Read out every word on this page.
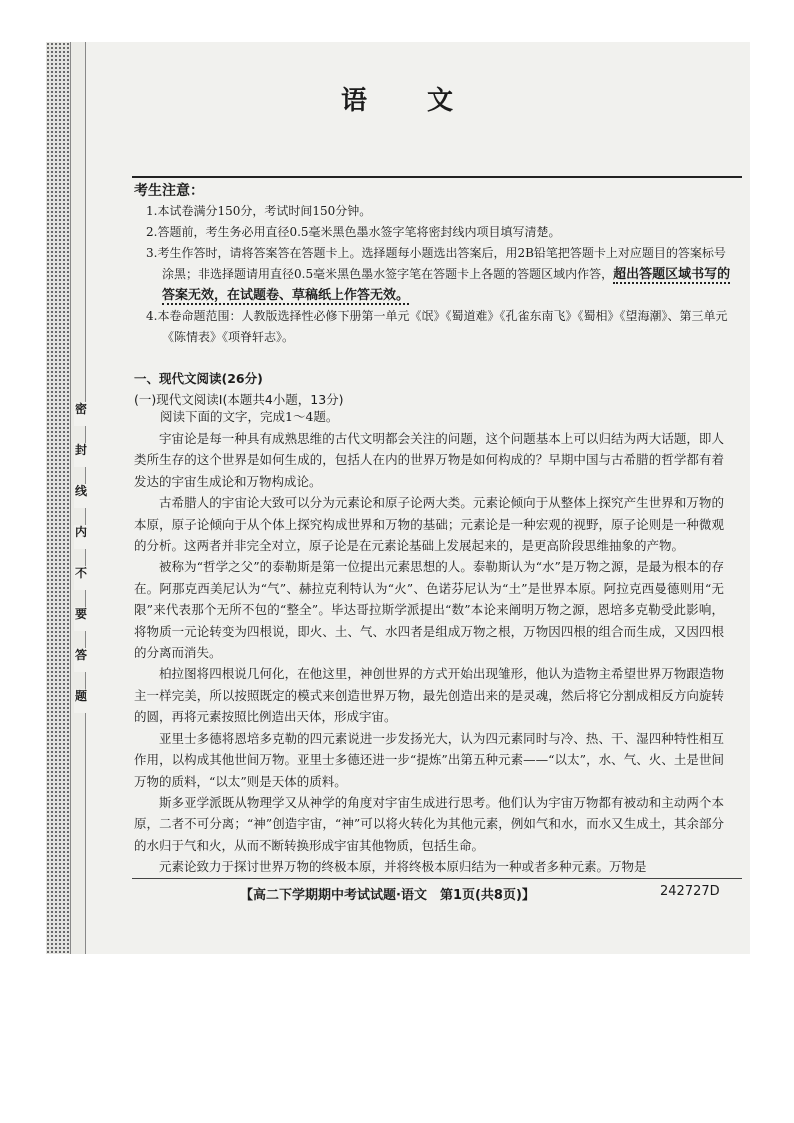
密
封
线
内
不
要
答
题
语文
考生注意：
1.本试卷满分150分，考试时间150分钟。
2.答题前，考生务必用直径0.5毫米黑色墨水签字笔将密封线内项目填写清楚。
3.考生作答时，请将答案答在答题卡上。选择题每小题选出答案后，用2B铅笔把答题卡上对应题目的答案标号涂黑；非选择题请用直径0.5毫米黑色墨水签字笔在答题卡上各题的答题区域内作答，超出答题区域书写的答案无效，在试题卷、草稿纸上作答无效。
4.本卷命题范围：人教版选择性必修下册第一单元《氓》《蜀道难》《孔雀东南飞》《蜀相》《望海潮》、第三单元《陈情表》《项脊轩志》。
一、现代文阅读(26分)
(一)现代文阅读Ⅰ(本题共4小题，13分)
阅读下面的文字，完成1～4题。

宇宙论是每一种具有成熟思维的古代文明都会关注的问题，这个问题基本上可以归结为两大话题，即人类所生存的这个世界是如何生成的，包括人在内的世界万物是如何构成的？早期中国与古希腊的哲学都有着发达的宇宙生成论和万物构成论。

古希腊人的宇宙论大致可以分为元素论和原子论两大类。元素论倾向于从整体上探究产生世界和万物的本原，原子论倾向于从个体上探究构成世界和万物的基础；元素论是一种宏观的视野，原子论则是一种微观的分析。这两者并非完全对立，原子论是在元素论基础上发展起来的，是更高阶段思维抽象的产物。

被称为“哲学之父”的泰勒斯是第一位提出元素思想的人。泰勒斯认为“水”是万物之源，是最为根本的存在。阿那克西美尼认为“气”、赫拉克利特认为“火”、色诺芬尼认为“土”是世界本原。阿拉克西曼德则用“无限”来代表那个无所不包的“整全”。毕达哥拉斯学派提出“数”本论来阐明万物之源，恩培多克勒受此影响，将物质一元论转变为四根说，即火、土、气、水四者是组成万物之根，万物因四根的组合而生成，又因四根的分离而消失。

柏拉图将四根说几何化，在他这里，神创世界的方式开始出现雏形，他认为造物主希望世界万物跟造物主一样完美，所以按照既定的模式来创造世界万物，最先创造出来的是灵魂，然后将它分割成相反方向旋转的圆，再将元素按照比例造出天体，形成宇宙。

亚里士多德将恩培多克勒的四元素说进一步发扬光大，认为四元素同时与冷、热、干、湿四种特性相互作用，以构成其他世间万物。亚里士多德还进一步“提炼”出第五种元素——“以太”，水、气、火、土是世间万物的质料，“以太”则是天体的质料。

斯多亚学派既从物理学又从神学的角度对宇宙生成进行思考。他们认为宇宙万物都有被动和主动两个本原，二者不可分离；“神”创造宇宙，“神”可以将火转化为其他元素，例如气和水，而水又生成土，其余部分的水归于气和火，从而不断转换形成宇宙其他物质，包括生命。

元素论致力于探讨世界万物的终极本原，并将终极本原归结为一种或者多种元素。万物是

【高二下学期期中考试试题·语文　第1页(共8页)】	242727D
